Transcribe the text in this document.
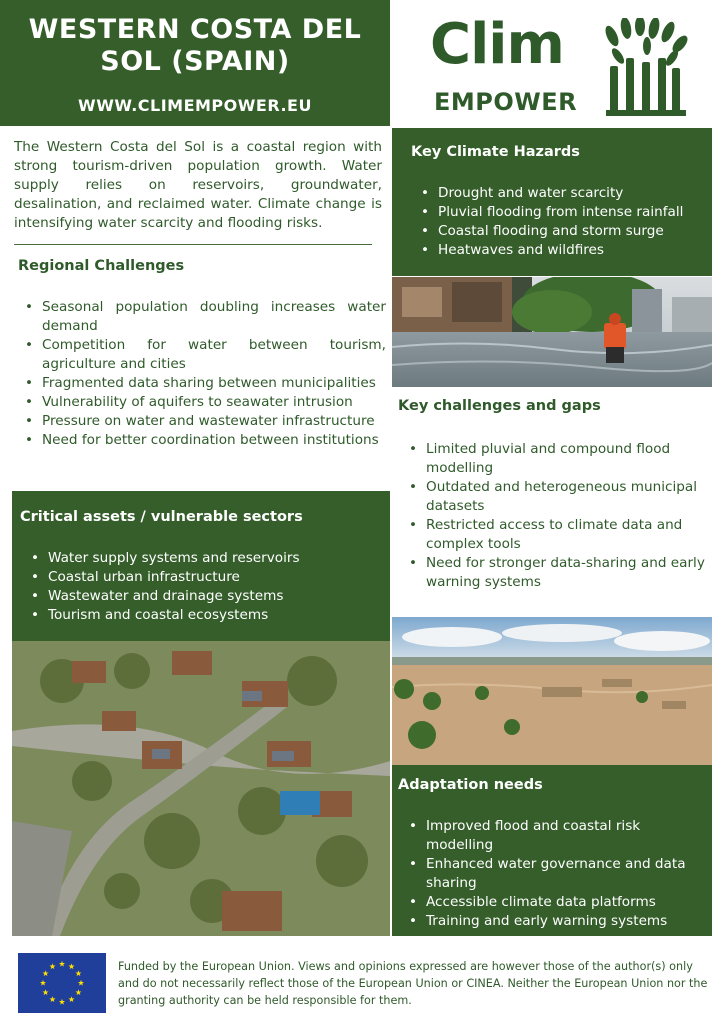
WESTERN COSTA DEL SOL (SPAIN)
WWW.CLIMEMPOWER.EU
Clim
EMPOWER

The Western Costa del Sol is a coastal region with strong tourism-driven population growth. Water supply relies on reservoirs, groundwater, desalination, and reclaimed water. Climate change is intensifying water scarcity and flooding risks.

Regional Challenges
• Seasonal population doubling increases water demand
• Competition for water between tourism, agriculture and cities
• Fragmented data sharing between municipalities
• Vulnerability of aquifers to seawater intrusion
• Pressure on water and wastewater infrastructure
• Need for better coordination between institutions
Key Climate Hazards
• Drought and water scarcity
• Pluvial flooding from intense rainfall
• Coastal flooding and storm surge
• Heatwaves and wildfires
Key challenges and gaps
• Limited pluvial and compound flood modelling
• Outdated and heterogeneous municipal datasets
• Restricted access to climate data and complex tools
• Need for stronger data-sharing and early warning systems
Critical assets / vulnerable sectors
• Water supply systems and reservoirs
• Coastal urban infrastructure
• Wastewater and drainage systems
• Tourism and coastal ecosystems
Adaptation needs
• Improved flood and coastal risk modelling
• Enhanced water governance and data sharing
• Accessible climate data platforms
• Training and early warning systems

Funded by the European Union. Views and opinions expressed are however those of the author(s) only and do not necessarily reflect those of the European Union or CINEA. Neither the European Union nor the granting authority can be held responsible for them.
